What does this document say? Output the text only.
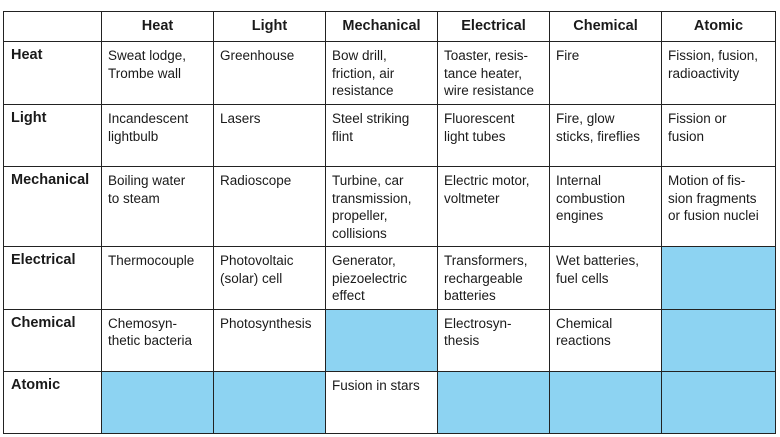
	Heat	Light	Mechanical	Electrical	Chemical	Atomic
Heat	Sweat lodge,
Trombe wall	Greenhouse	Bow drill,
friction, air
resistance	Toaster, resis-
tance heater,
wire resistance	Fire	Fission, fusion,
radioactivity
Light	Incandescent
lightbulb	Lasers	Steel striking
flint	Fluorescent
light tubes	Fire, glow
sticks, fireflies	Fission or
fusion
Mechanical	Boiling water
to steam	Radioscope	Turbine, car
transmission,
propeller,
collisions	Electric motor,
voltmeter	Internal
combustion
engines	Motion of fis-
sion fragments
or fusion nuclei
Electrical	Thermocouple	Photovoltaic
(solar) cell	Generator,
piezoelectric
effect	Transformers,
rechargeable
batteries	Wet batteries,
fuel cells	
Chemical	Chemosyn-
thetic bacteria	Photosynthesis		Electrosyn-
thesis	Chemical
reactions	
Atomic			Fusion in stars			
